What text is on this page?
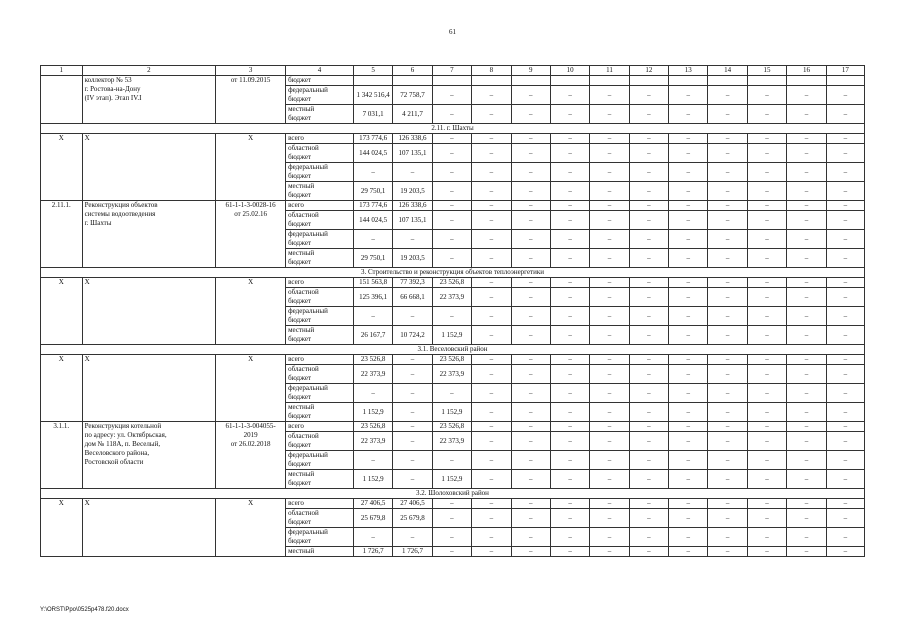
61
1	2	3	4	5	6	7	8	9	10	11	12	13	14	15	16	17
	коллектор № 53
г. Ростова-на-Дону
(IV этап). Этап IV.I	от 11.09.2015	бюджет													
			федеральный
бюджет	1 342 516,4	72 758,7	–	–	–	–	–	–	–	–	–	–	–
			местный
бюджет	7 031,1	4 211,7	–	–	–	–	–	–	–	–	–	–	–
2.11. г. Шахты																
Х	Х	Х	всего	173 774,6	126 338,6	–	–	–	–	–	–	–	–	–	–	–
			областной
бюджет	144 024,5	107 135,1	–	–	–	–	–	–	–	–	–	–	–
			федеральный
бюджет	–	–	–	–	–	–	–	–	–	–	–	–	–
			местный
бюджет	29 750,1	19 203,5	–	–	–	–	–	–	–	–	–	–	–
2.11.1.	Реконструкция объектов
системы водоотведения
г. Шахты	61-1-1-3-0028-16
от 25.02.16	всего	173 774,6	126 338,6	–	–	–	–	–	–	–	–	–	–	–
			областной
бюджет	144 024,5	107 135,1	–	–	–	–	–	–	–	–	–	–	–
			федеральный
бюджет	–	–	–	–	–	–	–	–	–	–	–	–	–
			местный
бюджет	29 750,1	19 203,5	–	–	–	–	–	–	–	–	–	–	–
3. Строительство и реконструкция объектов теплоэнергетики																
Х	Х	Х	всего	151 563,8	77 392,3	23 526,8	–	–	–	–	–	–	–	–	–	–
			областной
бюджет	125 396,1	66 668,1	22 373,9	–	–	–	–	–	–	–	–	–	–
			федеральный
бюджет	–	–	–	–	–	–	–	–	–	–	–	–	–
			местный
бюджет	26 167,7	10 724,2	1 152,9	–	–	–	–	–	–	–	–	–	–
3.1. Веселовский район																
Х	Х	Х	всего	23 526,8	–	23 526,8	–	–	–	–	–	–	–	–	–	–
			областной
бюджет	22 373,9	–	22 373,9	–	–	–	–	–	–	–	–	–	–
			федеральный
бюджет	–	–	–	–	–	–	–	–	–	–	–	–	–
			местный
бюджет	1 152,9	–	1 152,9	–	–	–	–	–	–	–	–	–	–
3.1.1.	Реконструкция котельной
по адресу: ул. Октябрьская,
дом № 118А, п. Веселый,
Веселовского района,
Ростовской области	61-1-1-3-004055-
2019
от 26.02.2018	всего	23 526,8	–	23 526,8	–	–	–	–	–	–	–	–	–	–
			областной
бюджет	22 373,9	–	22 373,9	–	–	–	–	–	–	–	–	–	–
			федеральный
бюджет	–	–	–	–	–	–	–	–	–	–	–	–	–
			местный
бюджет	1 152,9	–	1 152,9	–	–	–	–	–	–	–	–	–	–
3.2. Шолоховский район																
Х	Х	Х	всего	27 406,5	27 406,5	–	–	–	–	–	–	–	–	–	–	–
			областной
бюджет	25 679,8	25 679,8	–	–	–	–	–	–	–	–	–	–	–
			федеральный
бюджет	–	–	–	–	–	–	–	–	–	–	–	–	–
			местный	1 726,7	1 726,7	–	–	–	–	–	–	–	–	–	–	–
Y:\ORST\Ppo\0525p478.f20.docx
